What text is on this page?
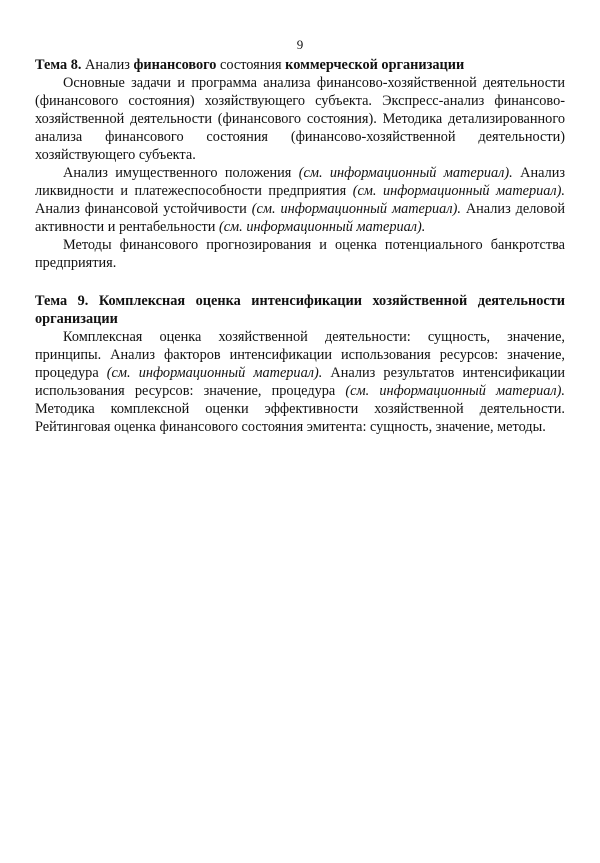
9

Тема 8. Анализ финансового состояния коммерческой организации

Основные задачи и программа анализа финансово-хозяйственной деятельности (финансового состояния) хозяйствующего субъекта. Экспресс-анализ финансово-хозяйственной деятельности (финансового состояния). Методика детализированного анализа финансового состояния (финансово-хозяйственной деятельности) хозяйствующего субъекта.

Анализ имущественного положения (см. информационный материал). Анализ ликвидности и платежеспособности предприятия (см. информационный материал). Анализ финансовой устойчивости (см. информационный материал). Анализ деловой активности и рентабельности (см. информационный материал).

Методы финансового прогнозирования и оценка потенциального банкротства предприятия.

Тема 9. Комплексная оценка интенсификации хозяйственной деятельности организации

Комплексная оценка хозяйственной деятельности: сущность, значение, принципы. Анализ факторов интенсификации использования ресурсов: значение, процедура (см. информационный материал). Анализ результатов интенсификации использования ресурсов: значение, процедура (см. информационный материал). Методика комплексной оценки эффективности хозяйственной деятельности. Рейтинговая оценка финансового состояния эмитента: сущность, значение, методы.
